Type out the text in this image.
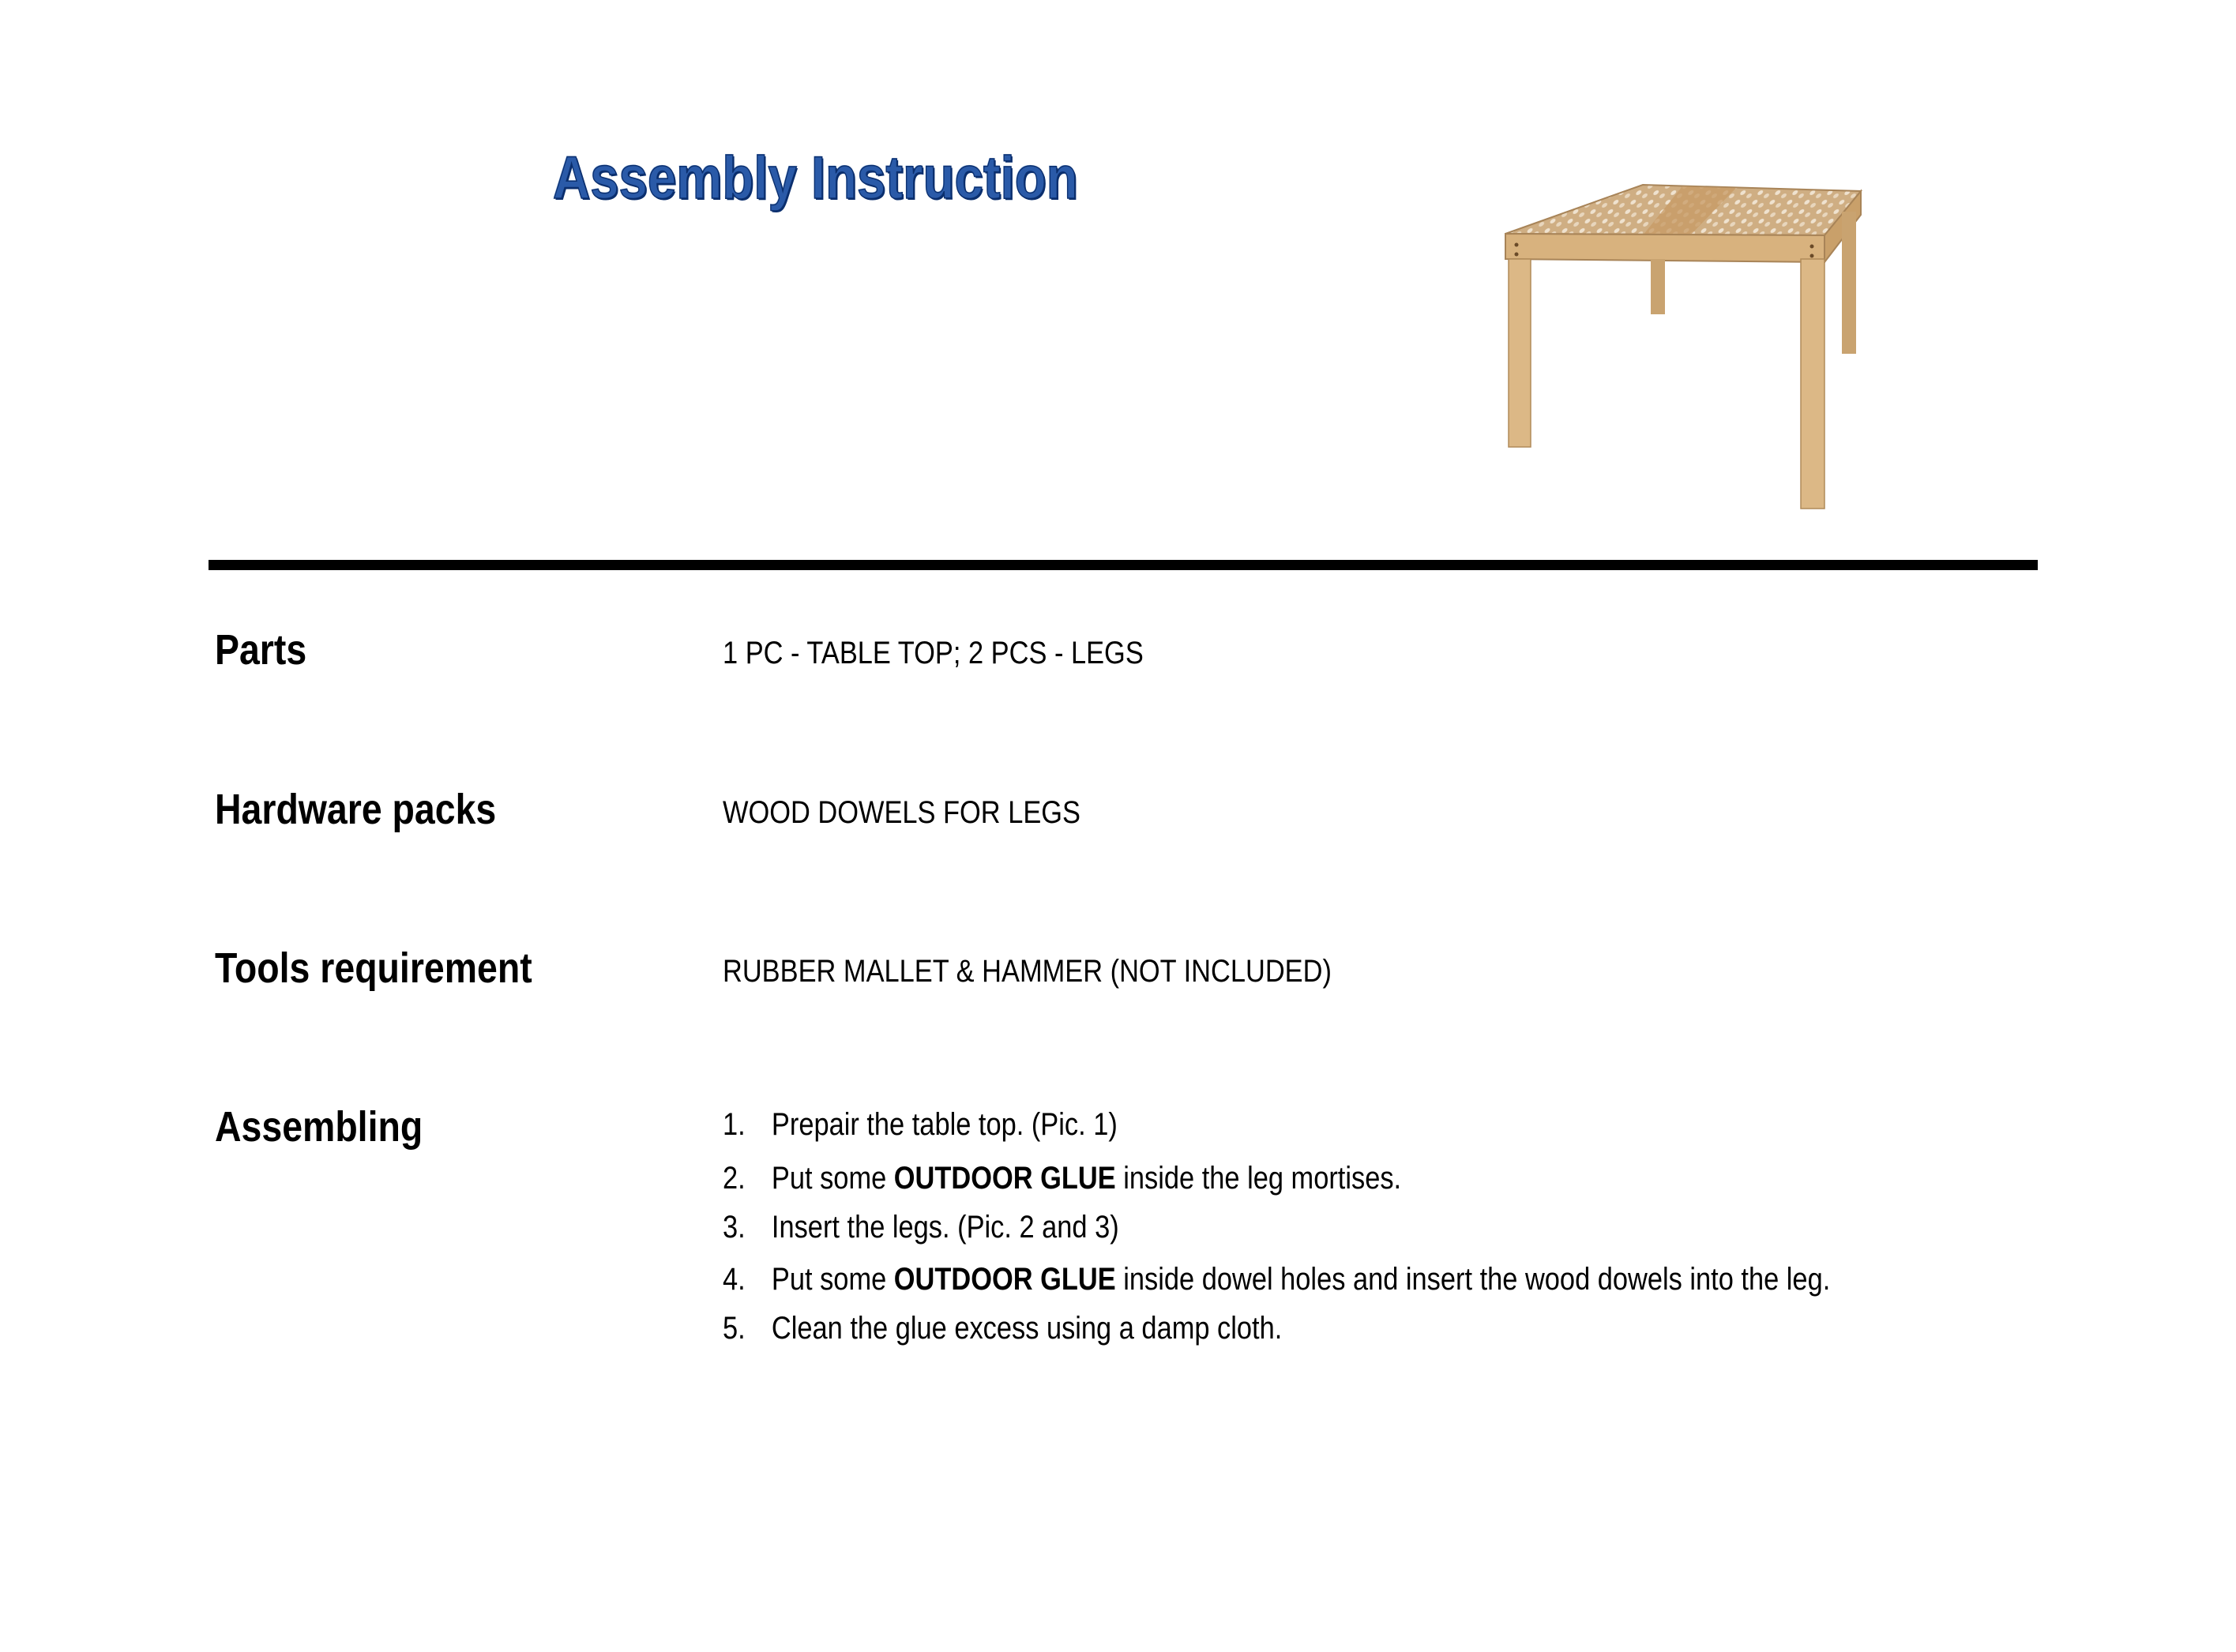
Assembly Instruction
Parts	1 PC - TABLE TOP; 2 PCS - LEGS
Hardware packs	WOOD DOWELS FOR LEGS
Tools requirement	RUBBER MALLET & HAMMER (NOT INCLUDED)
Assembling	1. Prepair the table top. (Pic. 1)
2. Put some OUTDOOR GLUE inside the leg mortises.
3. Insert the legs. (Pic. 2 and 3)
4. Put some OUTDOOR GLUE inside dowel holes and insert the wood dowels into the leg.
5. Clean the glue excess using a damp cloth.
